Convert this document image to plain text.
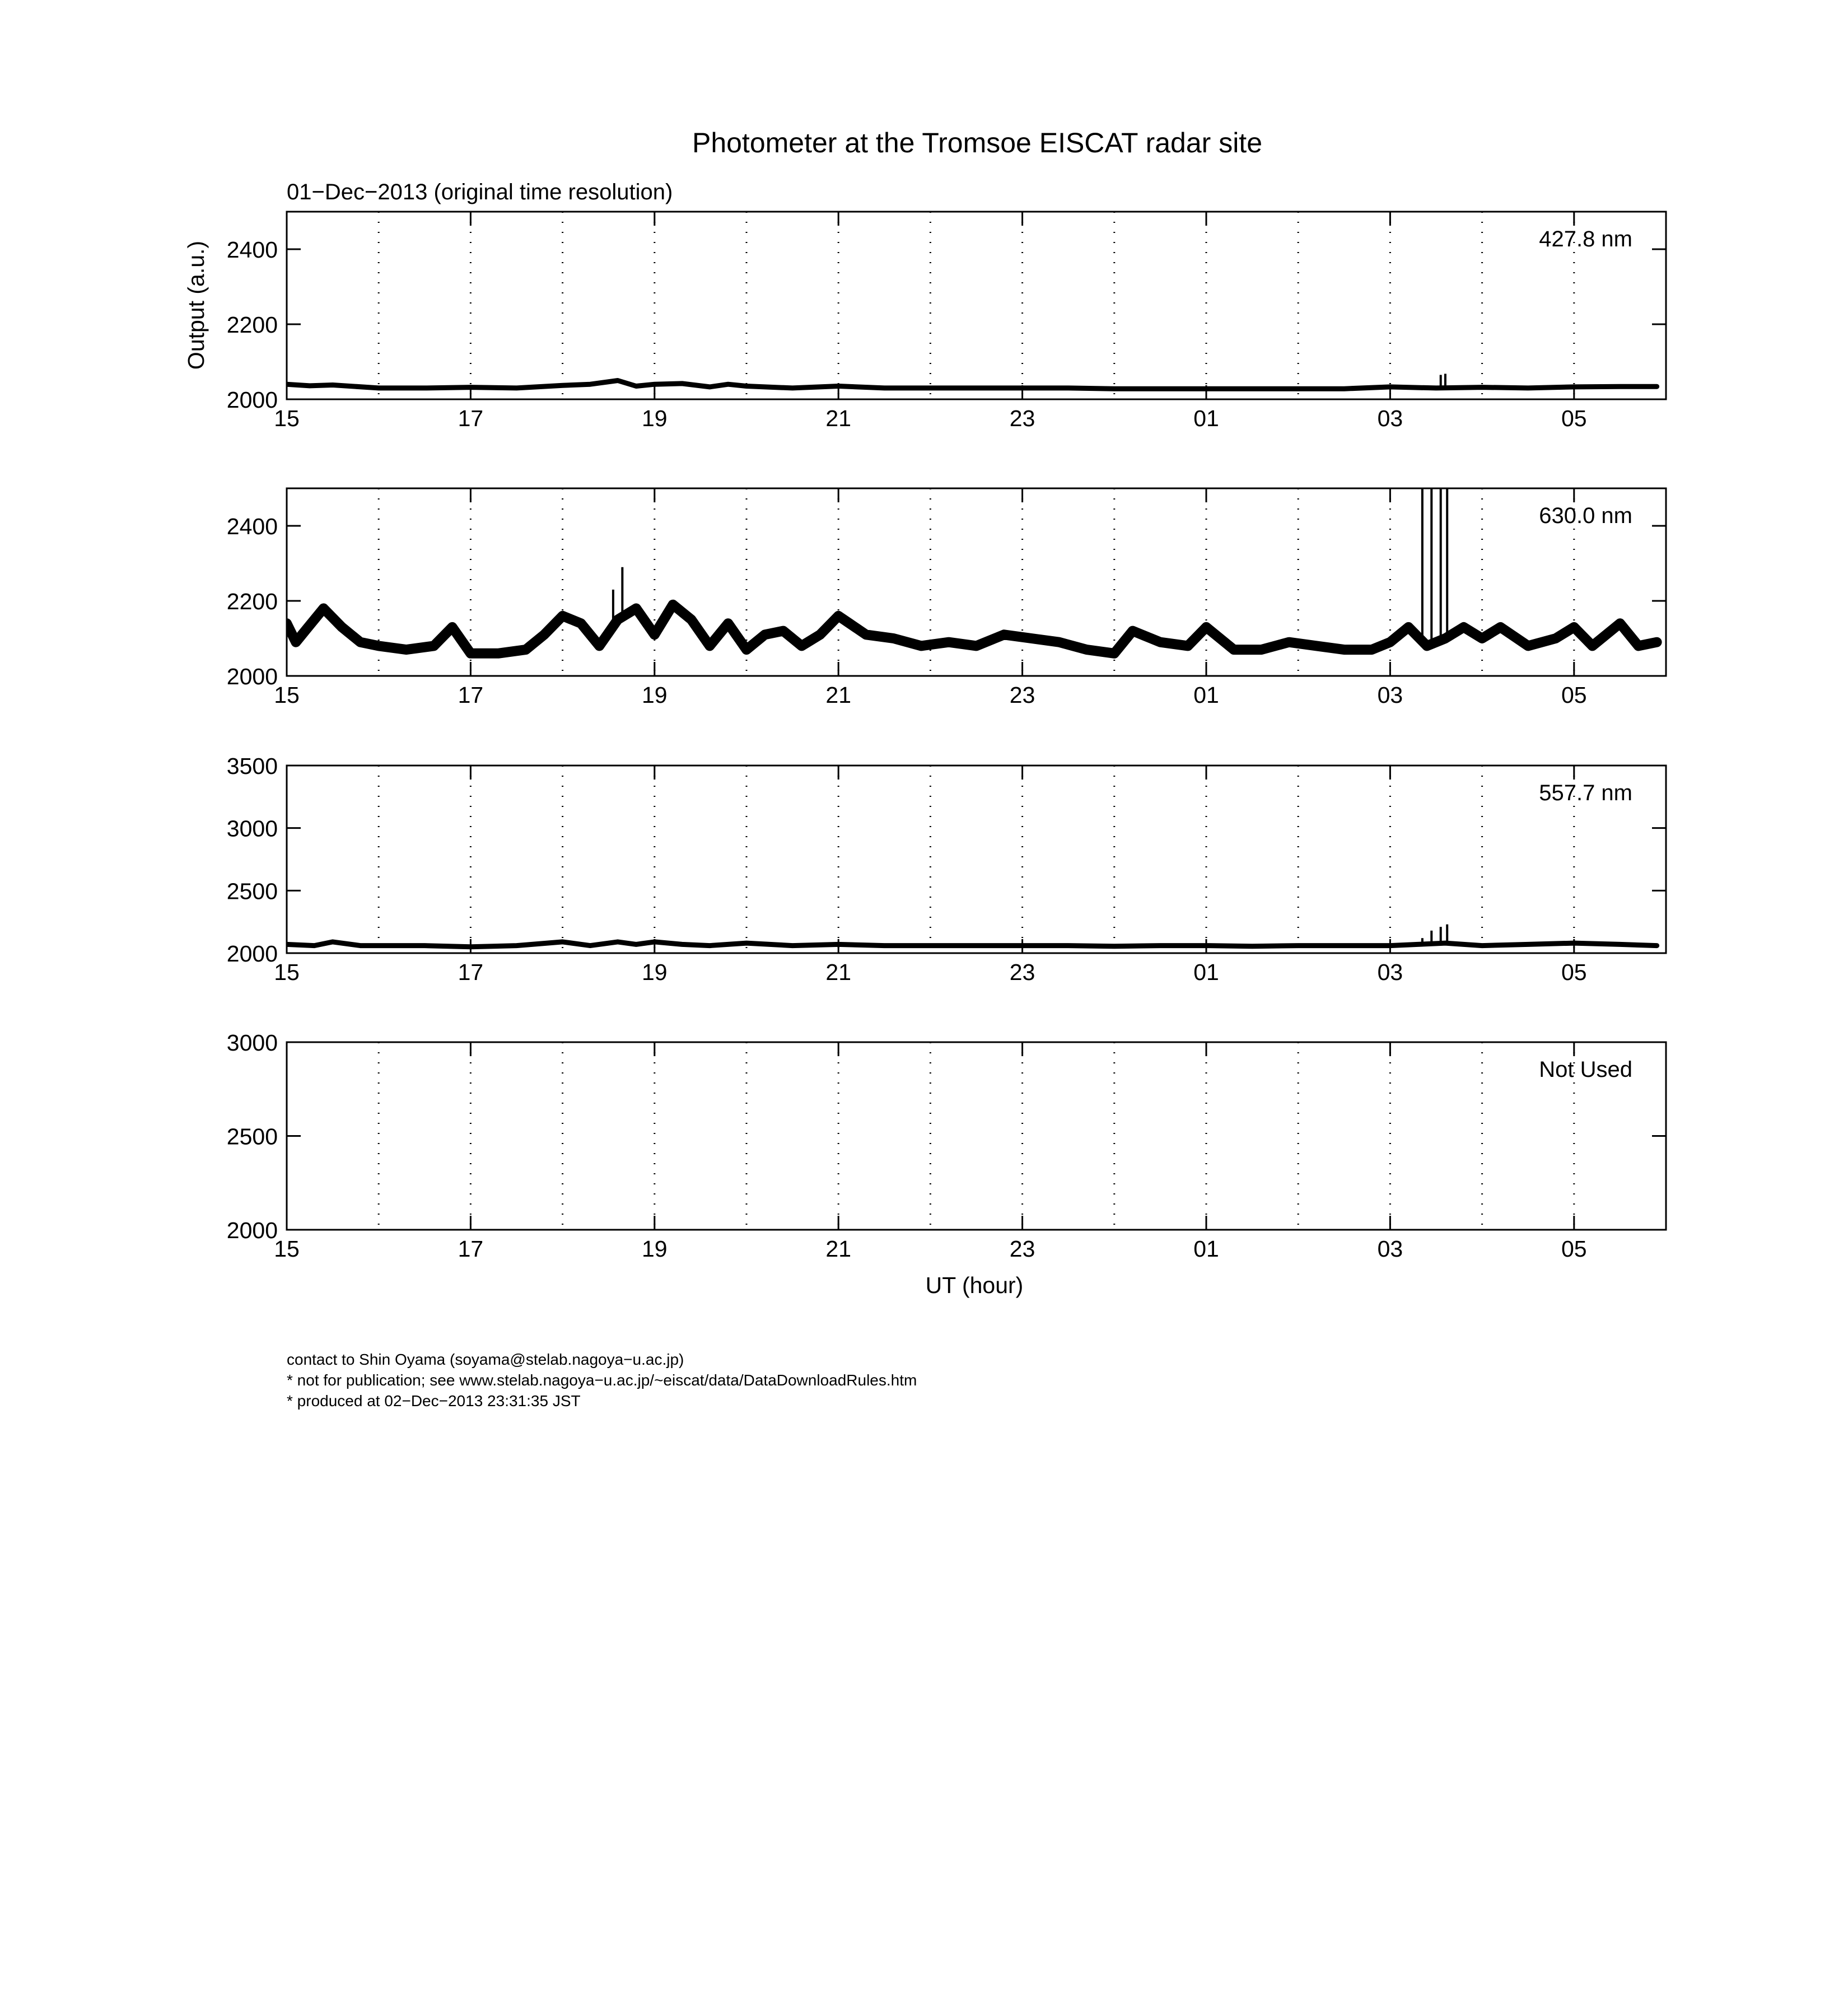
Photometer at the Tromsoe EISCAT radar site
01−Dec−2013 (original time resolution)
15	17	19	21	23	01	03	05
2000
2200
2400	427.8 nm
15	17	19	21	23	01	03	05
2000
2200
2400	630.0 nm
15	17	19	21	23	01	03	05
2000
2500
3000
3500
557.7 nm
15	17	19	21	23	01	03	05
2000
2500
3000
Not Used
Output (a.u.)
UT (hour)
contact to Shin Oyama (soyama@stelab.nagoya−u.ac.jp)
* not for publication; see www.stelab.nagoya−u.ac.jp/~eiscat/data/DataDownloadRules.htm
* produced at 02−Dec−2013 23:31:35 JST
